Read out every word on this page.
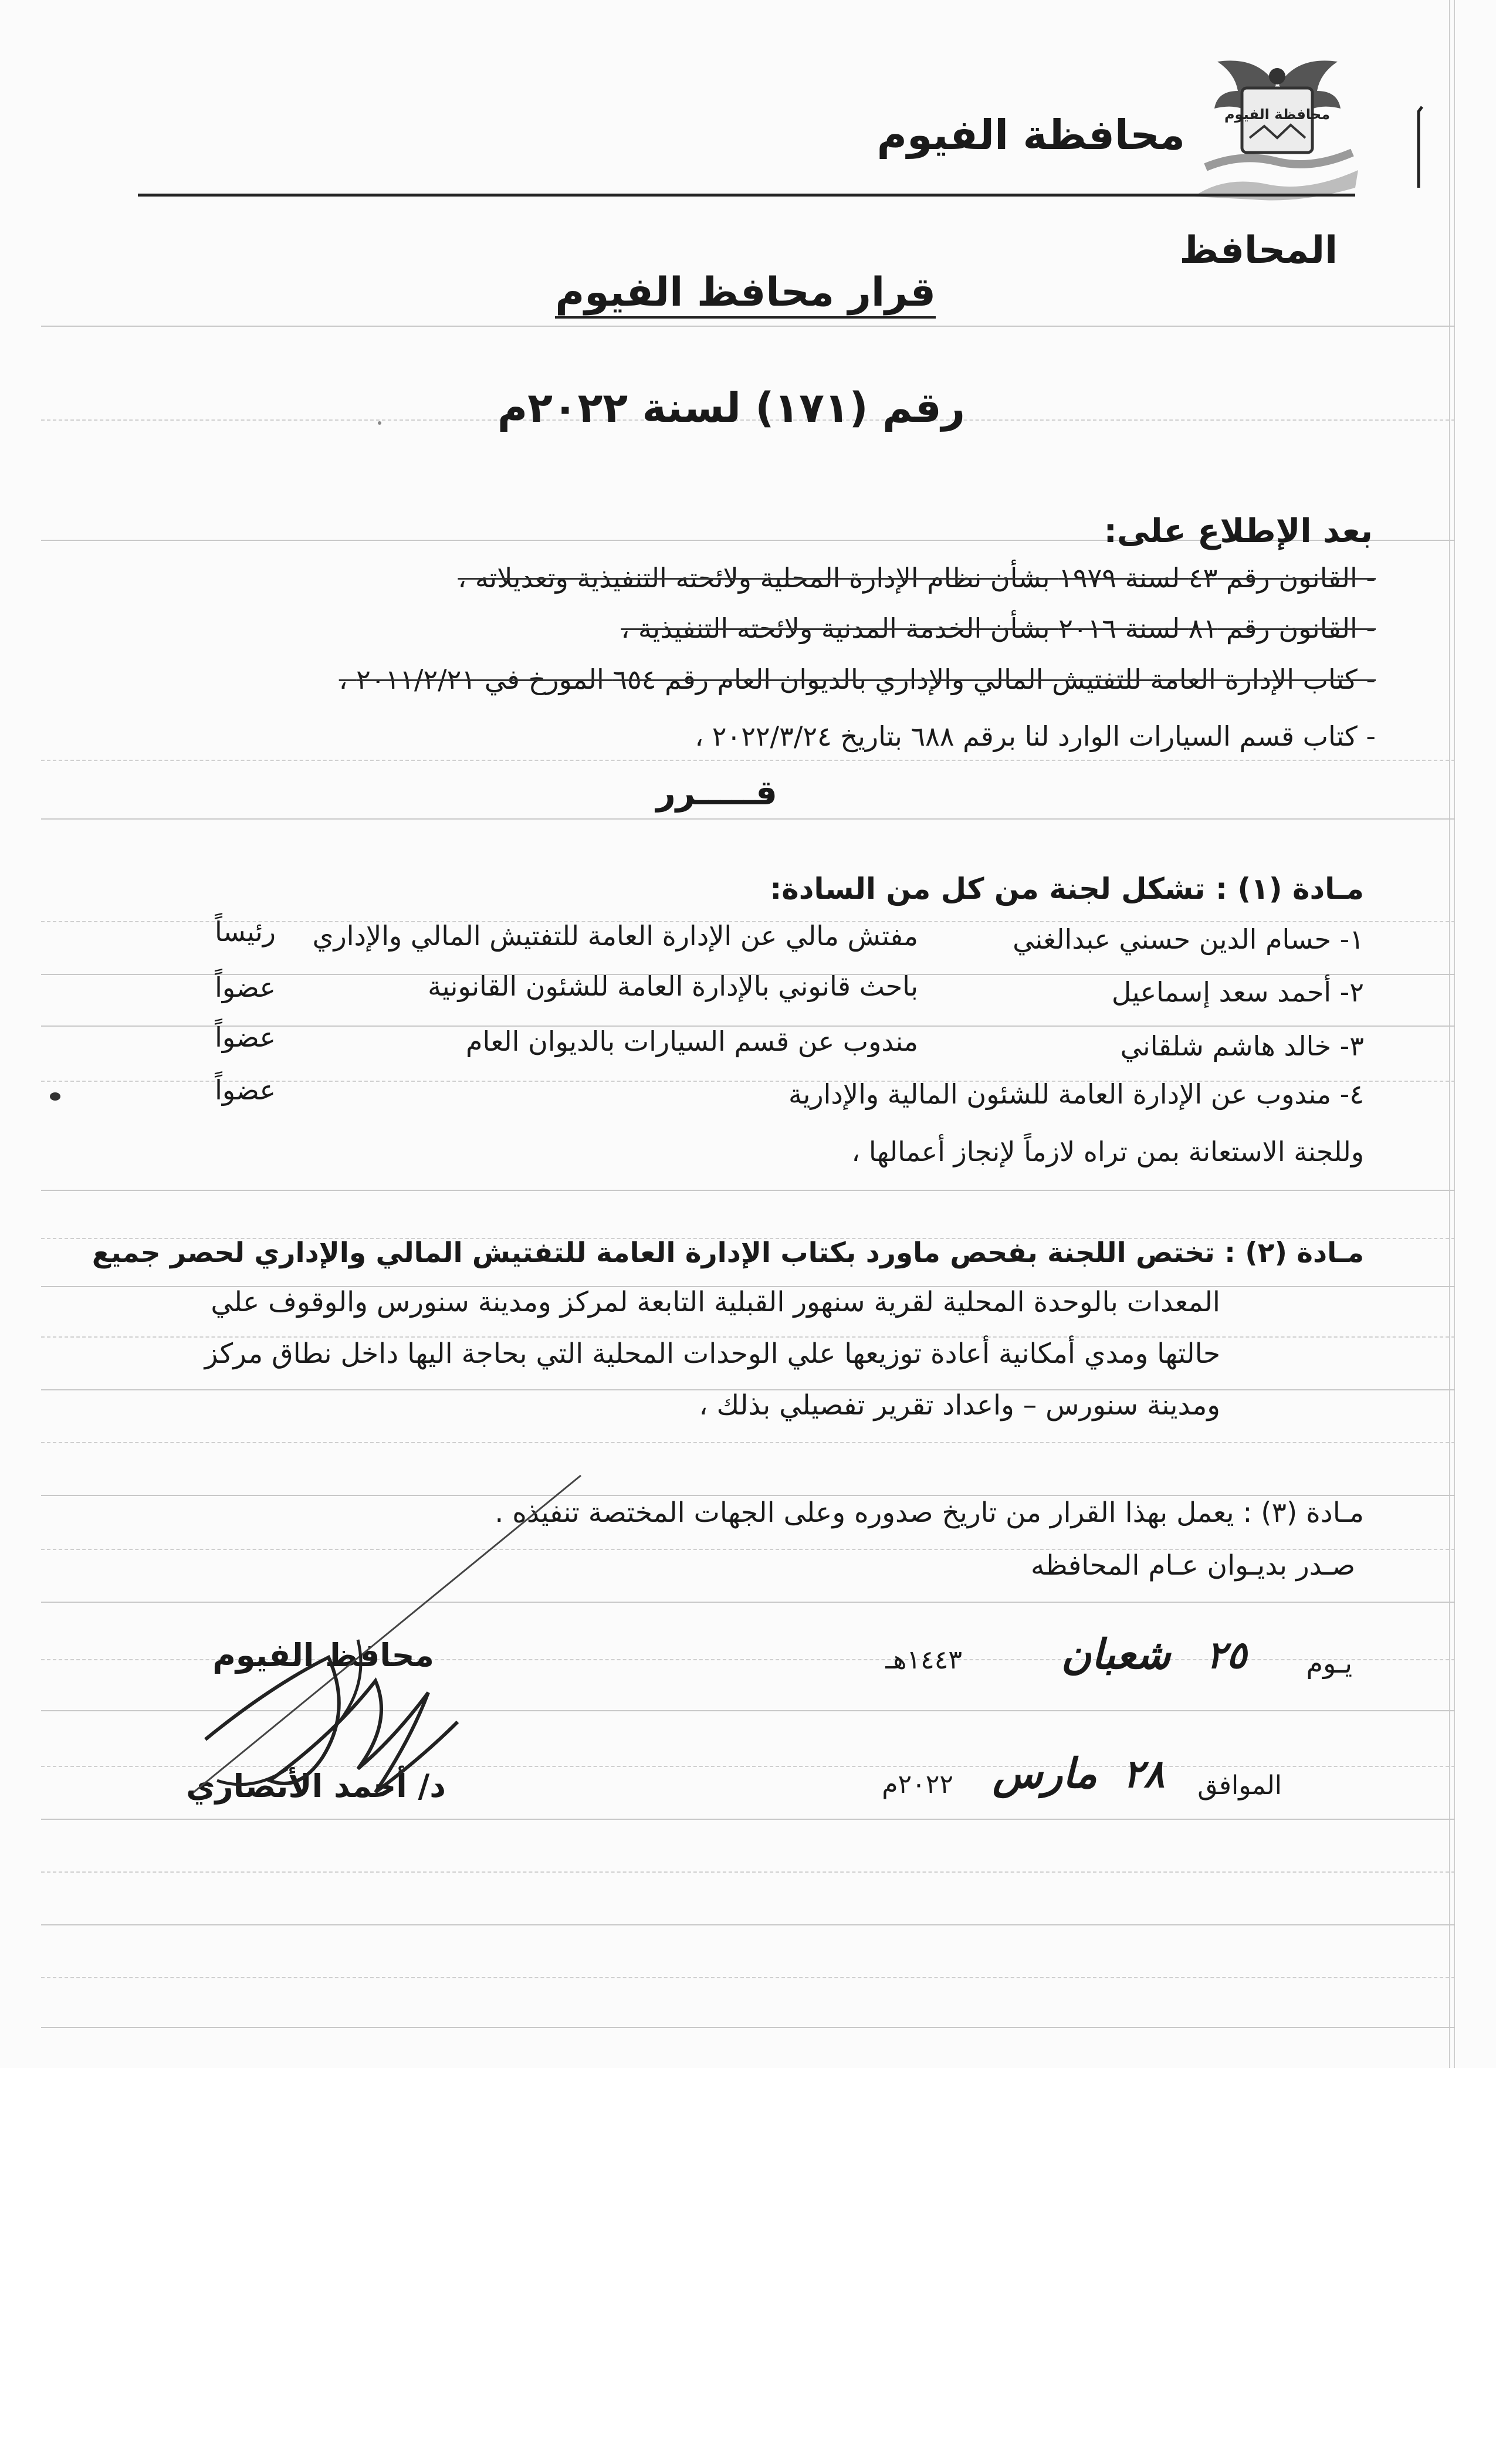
محافظة الفيوم
محافظة الفيوم
المحافظ
قرار محافظ الفيوم
رقم (١٧١) لسنة ٢٠٢٢م
بعد الإطلاع على:
- القانون رقم ٤٣ لسنة ١٩٧٩ بشأن نظام الإدارة المحلية ولائحته التنفيذية وتعديلاته ،
- القانون رقم ٨١ لسنة ٢٠١٦ بشأن الخدمة المدنية ولائحته التنفيذية ،
- كتاب الإدارة العامة للتفتيش المالي والإداري بالديوان العام رقم ٦٥٤ المورخ في ٢٠١١/٢/٢١ ،
- كتاب قسم السيارات الوارد لنا برقم ٦٨٨ بتاريخ ٢٠٢٢/٣/٢٤ ،
قـــــرر
مـادة (١) : تشكل لجنة من كل من السادة:
١- حسام الدين حسني عبدالغني
مفتش مالي عن الإدارة العامة للتفتيش المالي والإداري
رئيساً
٢- أحمد سعد إسماعيل
باحث قانوني بالإدارة العامة للشئون القانونية
عضواً
٣- خالد هاشم شلقاني
مندوب عن قسم السيارات بالديوان العام
عضواً
٤- مندوب عن الإدارة العامة للشئون المالية والإدارية
عضواً
وللجنة الاستعانة بمن تراه لازماً لإنجاز أعمالها ،
مـادة (٢) : تختص اللجنة بفحص ماورد بكتاب الإدارة العامة للتفتيش المالي والإداري لحصر جميع
المعدات بالوحدة المحلية لقرية سنهور القبلية التابعة لمركز ومدينة سنورس والوقوف علي
حالتها ومدي أمكانية أعادة توزيعها علي الوحدات المحلية التي بحاجة اليها داخل نطاق مركز
ومدينة سنورس – واعداد تقرير تفصيلي بذلك ،
مـادة (٣) : يعمل بهذا القرار من تاريخ صدوره وعلى الجهات المختصة تنفيذه .
صـدر بديـوان عـام المحافظه
يـوم
٢٥
شعبان
١٤٤٣هـ
الموافق
٢٨
مارس
٢٠٢٢م
محافظ الفيوم
د/ أحمد الأنصاري
